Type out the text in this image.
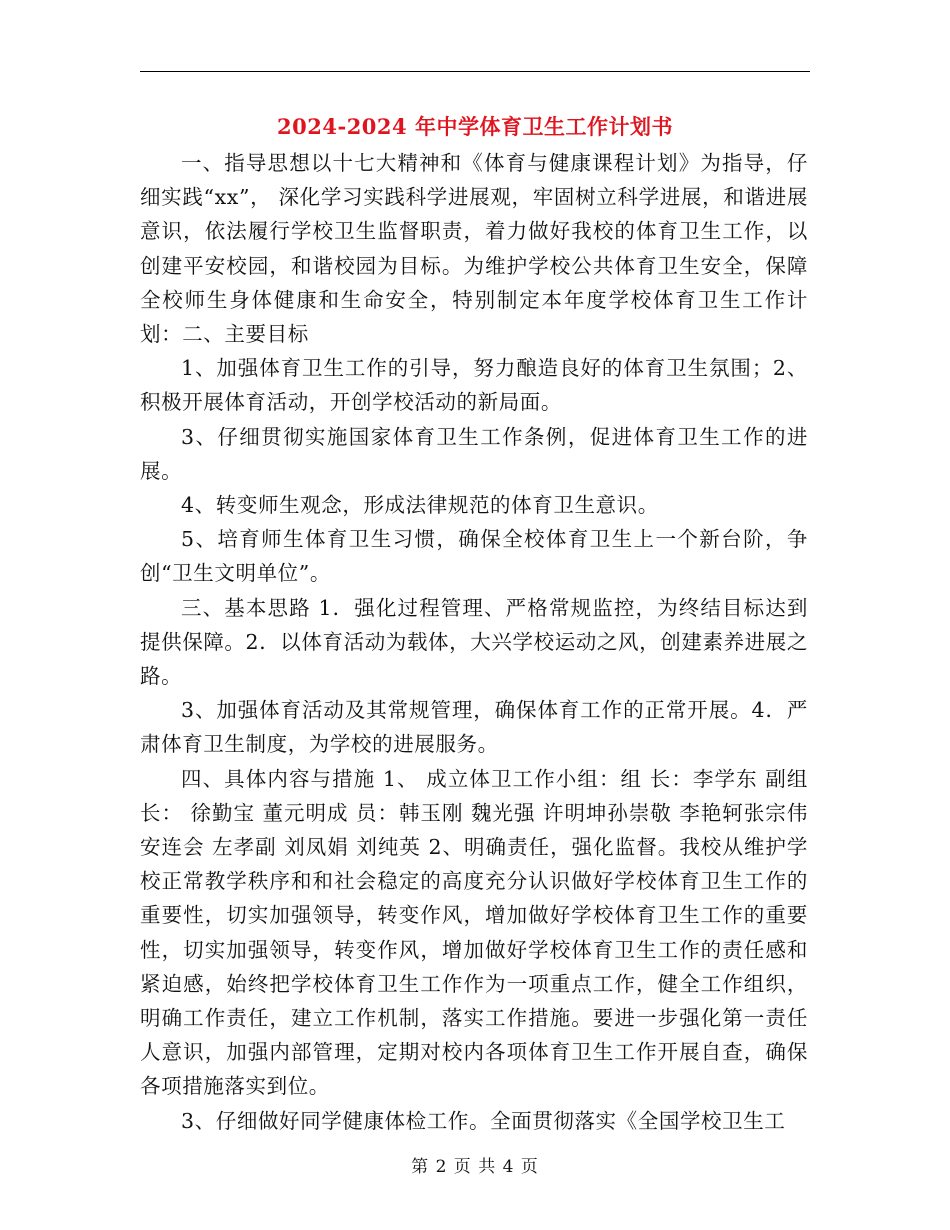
2024-2024 年中学体育卫生工作计划书

一、指导思想以十七大精神和《体育与健康课程计划》为指导，仔细实践“xx”， 深化学习实践科学进展观，牢固树立科学进展，和谐进展意识，依法履行学校卫生监督职责，着力做好我校的体育卫生工作，以创建平安校园，和谐校园为目标。为维护学校公共体育卫生安全，保障全校师生身体健康和生命安全，特别制定本年度学校体育卫生工作计划：二、主要目标

1、加强体育卫生工作的引导，努力酿造良好的体育卫生氛围；2、积极开展体育活动，开创学校活动的新局面。

3、仔细贯彻实施国家体育卫生工作条例，促进体育卫生工作的进展。

4、转变师生观念，形成法律规范的体育卫生意识。

5、培育师生体育卫生习惯，确保全校体育卫生上一个新台阶，争创“卫生文明单位”。

三、基本思路 1．强化过程管理、严格常规监控，为终结目标达到提供保障。2．以体育活动为载体，大兴学校运动之风，创建素养进展之路。

3、加强体育活动及其常规管理，确保体育工作的正常开展。4．严肃体育卫生制度，为学校的进展服务。

四、具体内容与措施 1、 成立体卫工作小组：组 长：李学东 副组长： 徐勤宝 董元明成 员：韩玉刚 魏光强 许明坤孙崇敬 李艳轲张宗伟 安连会 左孝副 刘凤娟 刘纯英 2、明确责任，强化监督。我校从维护学校正常教学秩序和和社会稳定的高度充分认识做好学校体育卫生工作的重要性，切实加强领导，转变作风，增加做好学校体育卫生工作的重要性，切实加强领导，转变作风，增加做好学校体育卫生工作的责任感和紧迫感，始终把学校体育卫生工作作为一项重点工作，健全工作组织，明确工作责任，建立工作机制，落实工作措施。要进一步强化第一责任人意识，加强内部管理，定期对校内各项体育卫生工作开展自查，确保各项措施落实到位。

3、仔细做好同学健康体检工作。全面贯彻落实《全国学校卫生工

第 2 页 共 4 页
